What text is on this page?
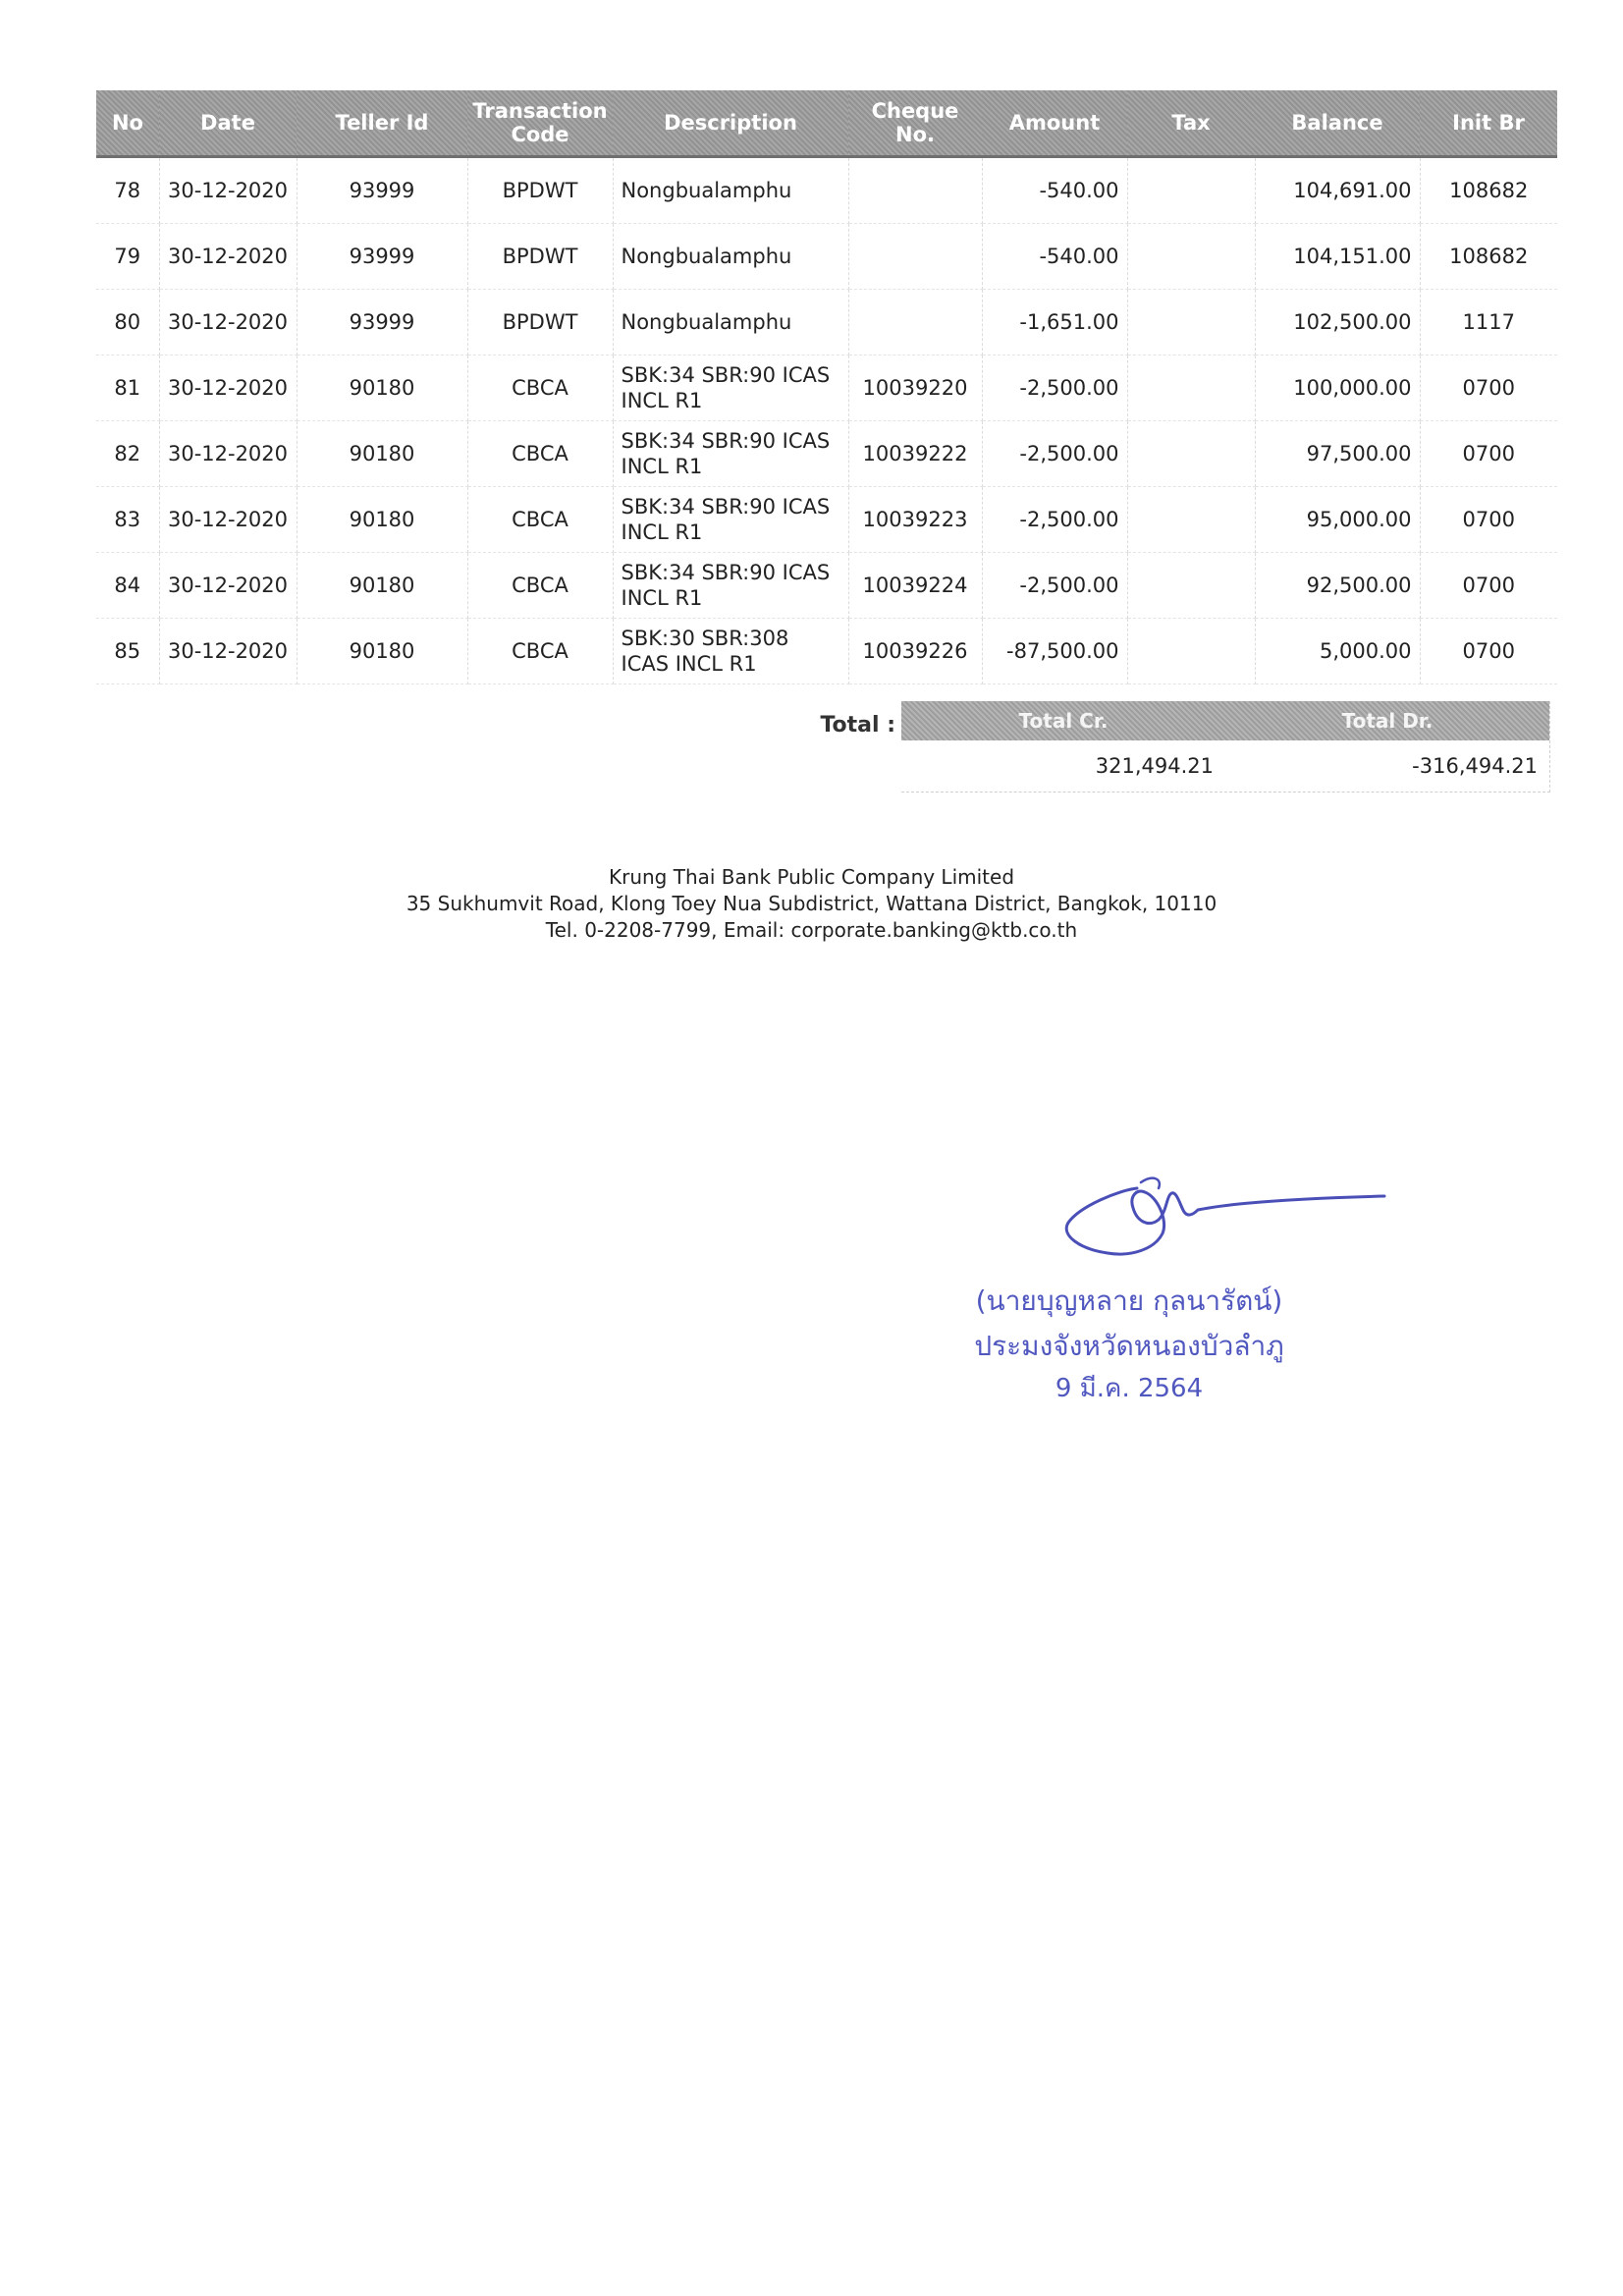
No	Date	Teller Id	Transaction Code	Description	Cheque No.	Amount	Tax	Balance	Init Br
78	30-12-2020	93999	BPDWT	Nongbualamphu		-540.00		104,691.00	108682
79	30-12-2020	93999	BPDWT	Nongbualamphu		-540.00		104,151.00	108682
80	30-12-2020	93999	BPDWT	Nongbualamphu		-1,651.00		102,500.00	1117
81	30-12-2020	90180	CBCA	SBK:34 SBR:90 ICAS INCL R1	10039220	-2,500.00		100,000.00	0700
82	30-12-2020	90180	CBCA	SBK:34 SBR:90 ICAS INCL R1	10039222	-2,500.00		97,500.00	0700
83	30-12-2020	90180	CBCA	SBK:34 SBR:90 ICAS INCL R1	10039223	-2,500.00		95,000.00	0700
84	30-12-2020	90180	CBCA	SBK:34 SBR:90 ICAS INCL R1	10039224	-2,500.00		92,500.00	0700
85	30-12-2020	90180	CBCA	SBK:30 SBR:308 ICAS INCL R1	10039226	-87,500.00		5,000.00	0700
Total :	Total Cr.	Total Dr.
321,494.21	-316,494.21
Krung Thai Bank Public Company Limited
35 Sukhumvit Road, Klong Toey Nua Subdistrict, Wattana District, Bangkok, 10110
Tel. 0-2208-7799, Email: corporate.banking@ktb.co.th
(นายบุญหลาย กุลนารัตน์)
ประมงจังหวัดหนองบัวลำภู
9 มี.ค. 2564
